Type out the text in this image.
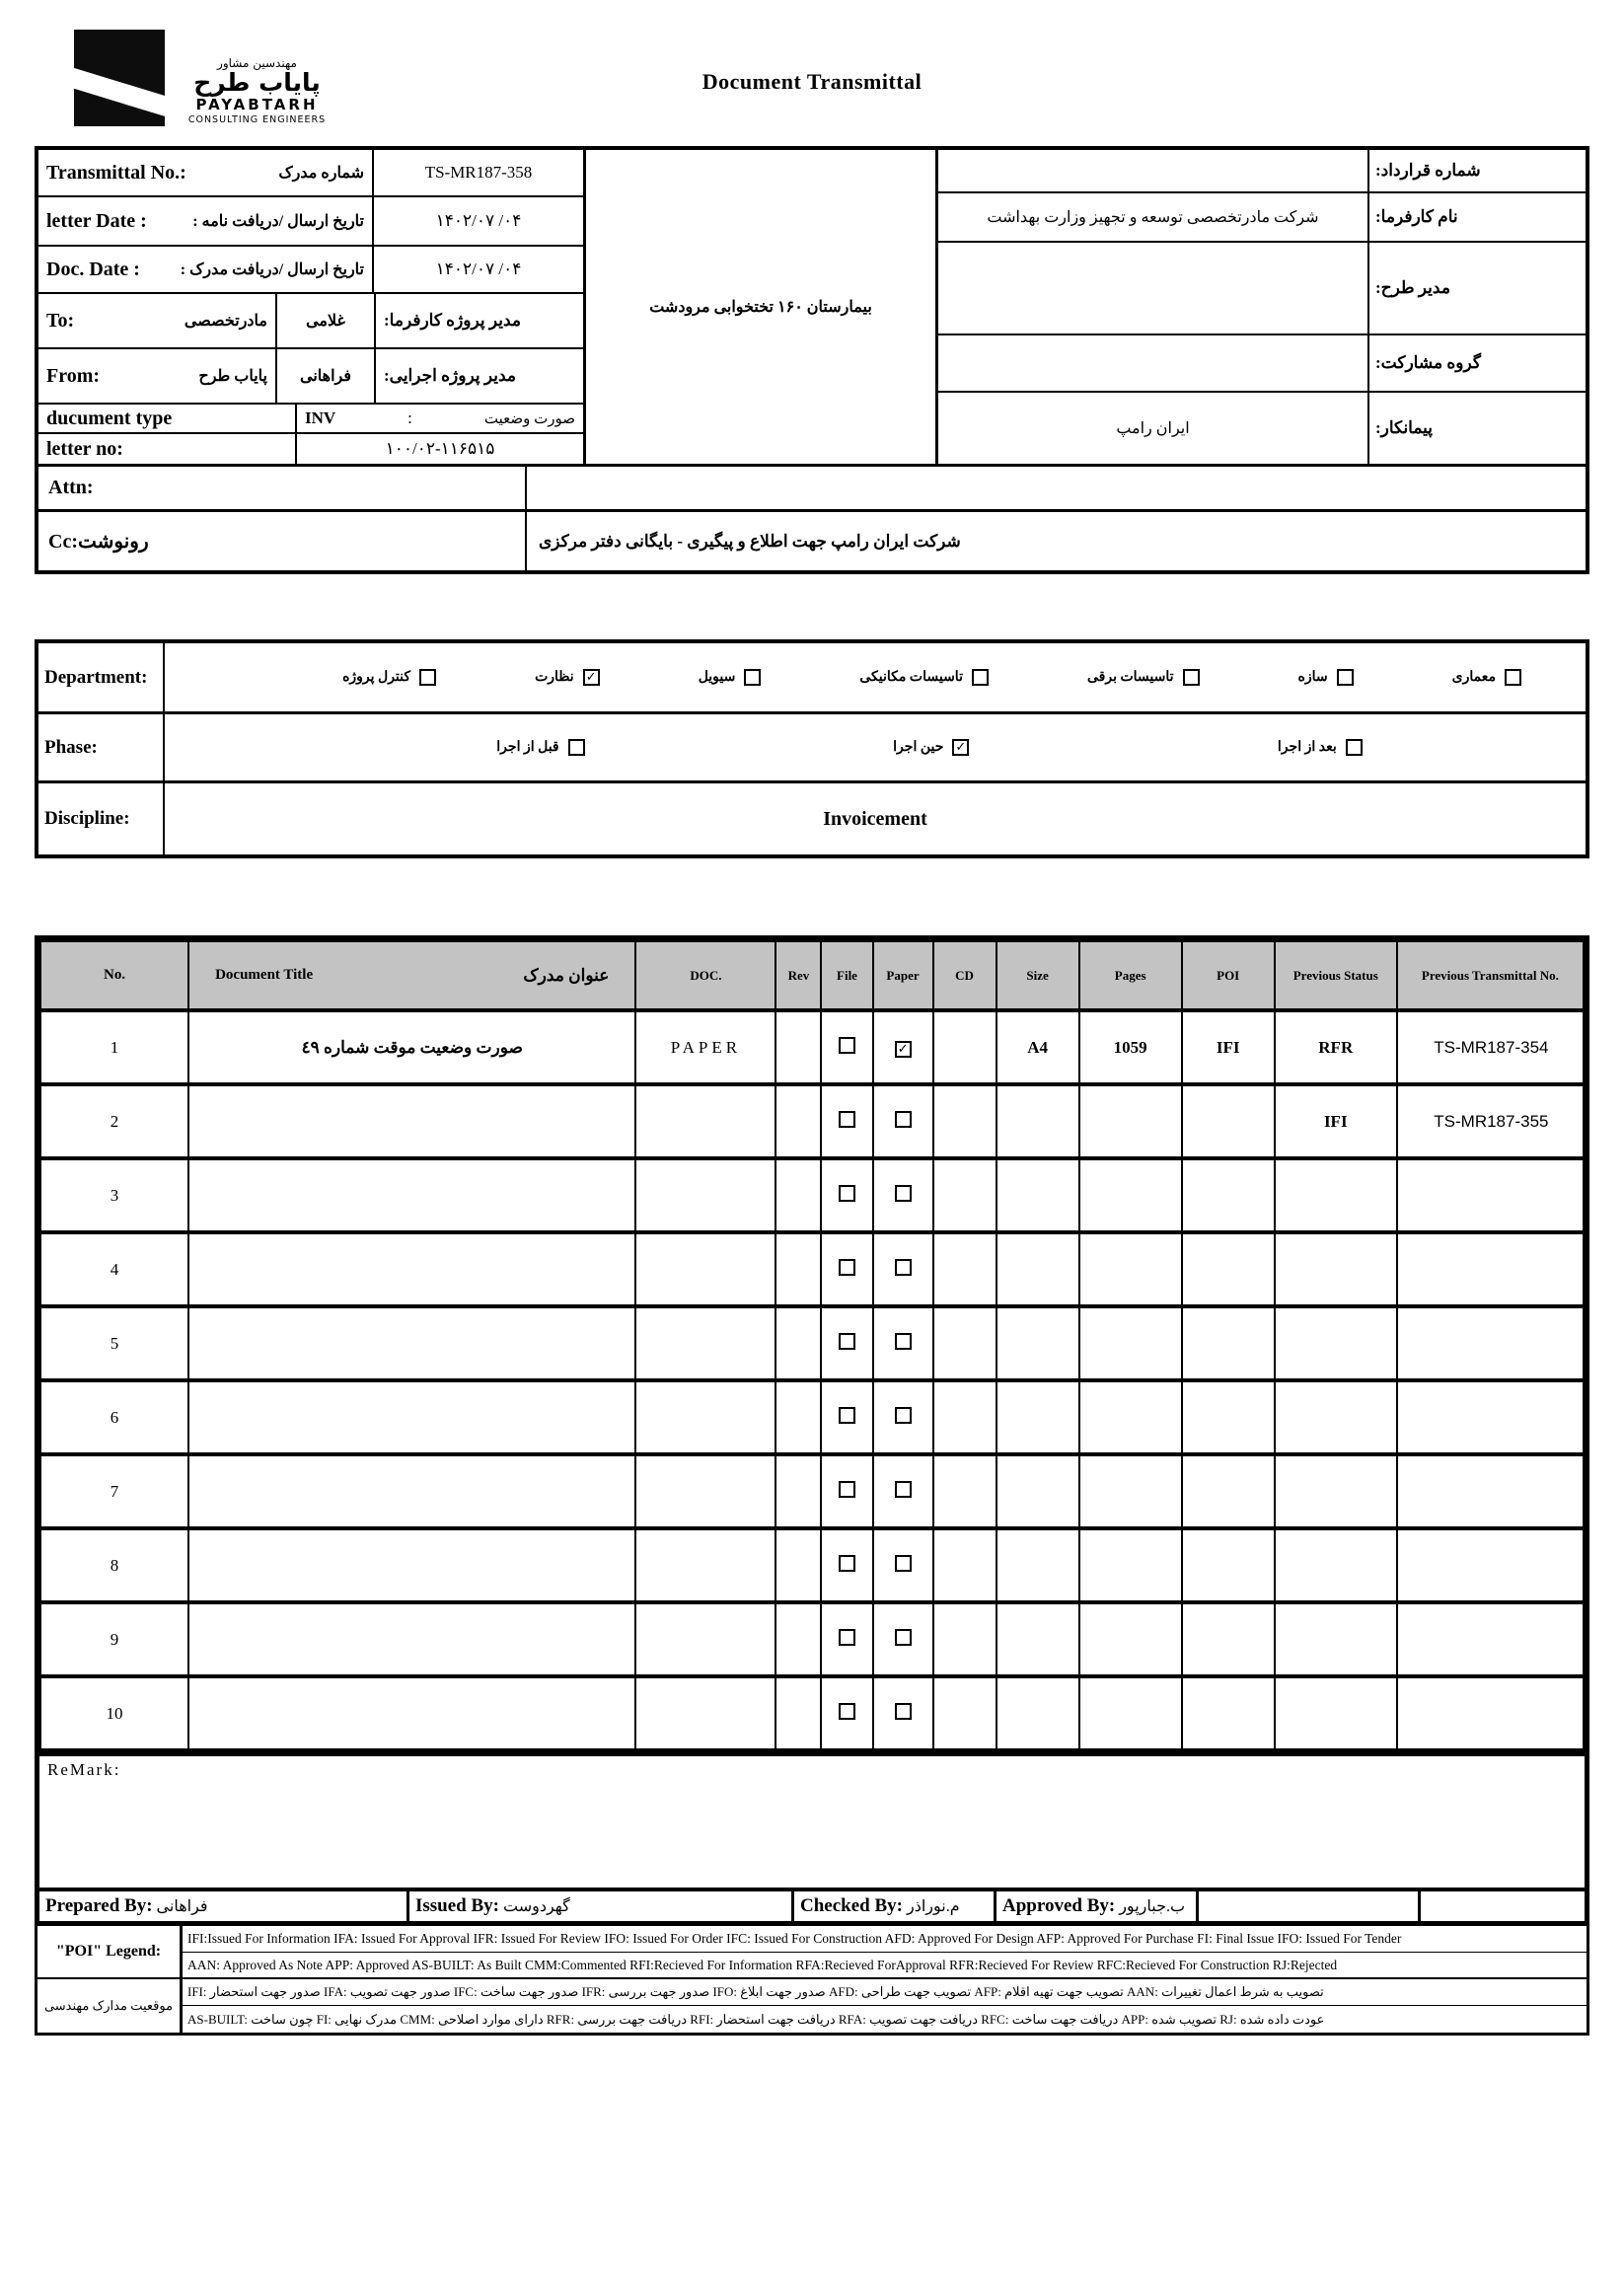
مهندسین مشاور
پایاب طرح
PAYABTARH
CONSULTING ENGINEERS
Document Transmittal
Transmittal No.:	شماره مدرک	TS-MR187-358
letter Date :	تاریخ ارسال /دریافت نامه :	۱۴۰۲/۰۷ /۰۴
Doc. Date :	تاریخ ارسال /دریافت مدرک :	۱۴۰۲/۰۷ /۰۴
To:	مادرتخصصی غلامی	مدیر پروژه کارفرما:
From:	پایاب طرح فراهانی	مدیر پروژه اجرایی:
ducument type	INV	:	صورت وضعیت
letter no:	۱۰۰/۰۲-۱۱۶۵۱۵
بیمارستان ۱۶۰ تختخوابی مرودشت
شماره قرارداد:
شرکت مادرتخصصی توسعه و تجهیز وزارت بهداشت	نام کارفرما:
مدیر طرح:
گروه مشارکت:
ایران رامپ	پیمانکار:
Attn:
Cc:رونوشت	شرکت ایران رامپ جهت اطلاع و پیگیری - بایگانی دفتر مرکزی
Department:	معماری
سازه
تاسیسات برقی
تاسیسات مکانیکی
سیویل
✓
نظارت
کنترل پروژه
Phase:	بعد از اجرا
✓
حین اجرا
قبل از اجرا
Discipline:	Invoicement
No.	Document Title عنوان مدرک	DOC.	Rev	File	Paper	CD	Size	Pages	POI	Previous Status	Previous Transmittal No.
1	صورت وضعیت موقت شماره ٤٩	PAPER			✓		A4	1059	IFI	RFR	TS-MR187-354
2										IFI	TS-MR187-355
3											
4											
5											
6											
7											
8											
9											
10											
ReMark:
Prepared By: فراهانی	Issued By: گهردوست	Checked By: م.نوراذر Approved By: ب.جبارپور
"POI" Legend:
موقعیت مدارک مهندسی
IFI:Issued For Information IFA: Issued For Approval IFR: Issued For Review IFO: Issued For Order IFC: Issued For Construction AFD: Approved For Design AFP: Approved For Purchase FI: Final Issue IFO: Issued For Tender
AAN: Approved As Note APP: Approved AS-BUILT: As Built CMM:Commented RFI:Recieved For Information RFA:Recieved ForApproval RFR:Recieved For Review RFC:Recieved For Construction RJ:Rejected
IFI: صدور جهت استحضار IFA: صدور جهت تصویب IFC: صدور جهت ساخت IFR: صدور جهت بررسی IFO: صدور جهت ابلاغ AFD: تصویب جهت طراحی AFP: تصویب جهت تهیه اقلام AAN: تصویب به شرط اعمال تغییرات
AS-BUILT: چون ساخت FI: مدرک نهایی CMM: دارای موارد اصلاحی RFR: دریافت جهت بررسی RFI: دریافت جهت استحضار RFA: دریافت جهت تصویب RFC: دریافت جهت ساخت APP: تصویب شده RJ: عودت داده شده
